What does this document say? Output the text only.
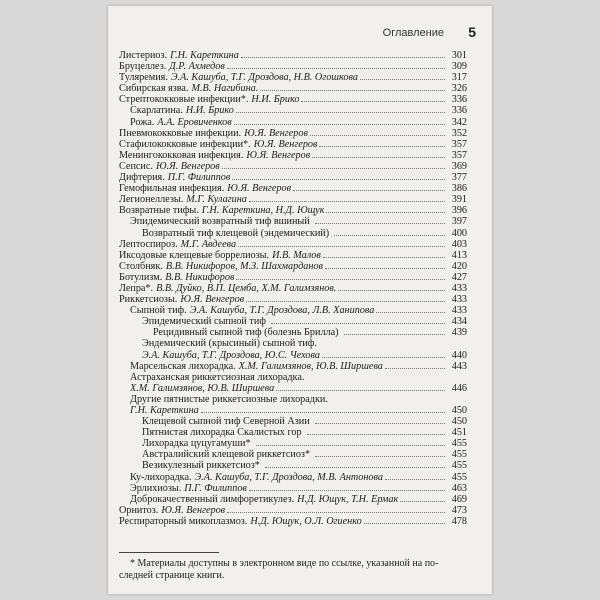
Оглавление 5
Листериоз. Г.Н. Кареткина	301
Бруцеллез. Д.Р. Ахмедов	309
Туляремия. Э.А. Кашуба, Т.Г. Дроздова, Н.В. Огошкова	317
Сибирская язва. М.В. Нагибина.	326
Стрептококковые инфекции*. Н.И. Брико	336
Скарлатина. Н.И. Брико	336
Рожа. А.А. Еровиченков	342
Пневмококковые инфекции. Ю.Я. Венгеров	352
Стафилококковые инфекции*. Ю.Я. Венгеров	357
Менингококковая инфекция. Ю.Я. Венгеров	357
Сепсис. Ю.Я. Венгеров	369
Дифтерия. П.Г. Филиппов	377
Гемофильная инфекция. Ю.Я. Венгеров	386
Легионеллезы. М.Г. Кулагина	391
Возвратные тифы. Г.Н. Кареткина, Н.Д. Ющук	396
Эпидемический возвратный тиф вшиный	397
Возвратный тиф клещевой (эндемический)	400
Лептоспироз. М.Г. Авдеева	403
Иксодовые клещевые боррелиозы. И.В. Малов	413
Столбняк. В.В. Никифоров, М.З. Шахмарданов	420
Ботулизм. В.В. Никифоров	427
Лепра*. В.В. Дуйко, В.П. Цемба, Х.М. Галимзянов.	433
Риккетсиозы. Ю.Я. Венгеров	433
Сыпной тиф. Э.А. Кашуба, Т.Г. Дроздова, Л.В. Ханипова	433
Эпидемический сыпной тиф	434
Рецидивный сыпной тиф (болезнь Брилла)	439
Эндемический (крысиный) сыпной тиф.
Э.А. Кашуба, Т.Г. Дроздова, Ю.С. Чехова	440
Марсельская лихорадка. Х.М. Галимзянов, Ю.В. Ширшева	443
Астраханская риккетсиозная лихорадка.
Х.М. Галимзянов, Ю.В. Ширшева	446
Другие пятнистые риккетсиозные лихорадки.
Г.Н. Кареткина	450
Клещевой сыпной тиф Северной Азии	450
Пятнистая лихорадка Скалистых гор	451
Лихорадка цуцугамуши*	455
Австралийский клещевой риккетсиоз*	455
Везикулезный риккетсиоз*	455
Ку-лихорадка. Э.А. Кашуба, Т.Г. Дроздова, М.В. Антонова	455
Эрлихиозы. П.Г. Филиппов	463
Доброкачественный лимфоретикулез. Н.Д. Ющук, Т.Н. Ермак	469
Орнитоз. Ю.Я. Венгеров	473
Респираторный микоплазмоз. Н.Д. Ющук, О.Л. Огиенко	478
* Материалы доступны в электронном виде по ссылке, указанной на по-
следней странице книги.
